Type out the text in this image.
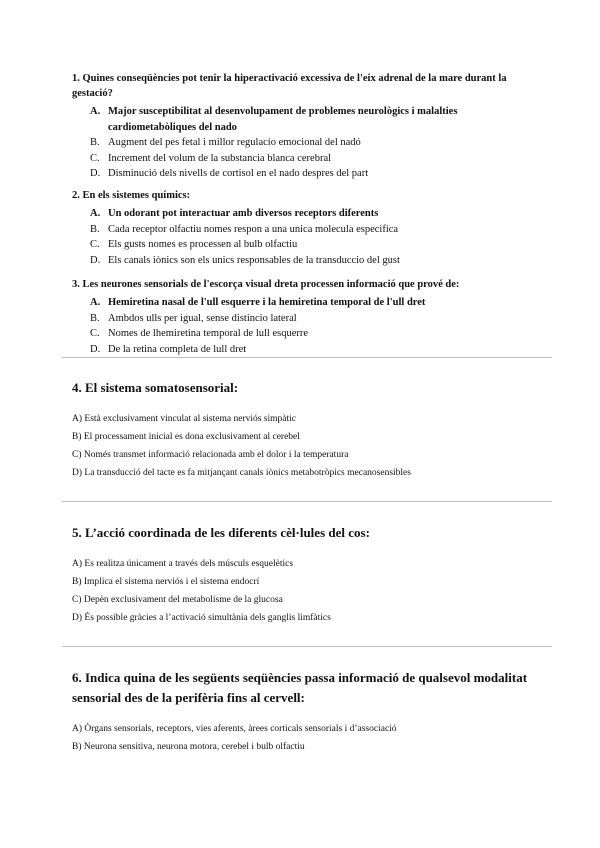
1. Quines conseqüències pot tenir la hiperactivació excessiva de l'eix adrenal de la mare durant la gestació?

A. Major susceptibilitat al desenvolupament de problemes neurològics i malalties cardiometabòliques del nado
B. Augment del pes fetal i millor regulacio emocional del nadó
C. Increment del volum de la substancia blanca cerebral
D. Disminució dels nivells de cortisol en el nado despres del part

2. En els sistemes químics:

A. Un odorant pot interactuar amb diversos receptors diferents
B. Cada receptor olfactiu nomes respon a una unica molecula especifica
C. Els gusts nomes es processen al bulb olfactiu
D. Els canals iònics son els unics responsables de la transduccio del gust

3. Les neurones sensorials de l'escorça visual dreta processen informació que prové de:

A. Hemiretina nasal de l'ull esquerre i la hemiretina temporal de l'ull dret
B. Ambdos ulls per igual, sense distincio lateral
C. Nomes de lhemiretina temporal de lull esquerre
D. De la retina completa de lull dret

4. El sistema somatosensorial:

A) Està exclusivament vinculat al sistema nerviós simpàtic
B) El processament inicial es dona exclusivament al cerebel
C) Només transmet informació relacionada amb el dolor i la temperatura
D) La transducció del tacte es fa mitjançant canals iònics metabotròpics mecanosensibles

5. L’acció coordinada de les diferents cèl·lules del cos:

A) Es realitza únicament a través dels músculs esquelètics
B) Implica el sistema nerviós i el sistema endocrí
C) Depèn exclusivament del metabolisme de la glucosa
D) És possible gràcies a l’activació simultània dels ganglis limfàtics

6. Indica quina de les següents seqüències passa informació de qualsevol modalitat sensorial des de la perifèria fins al cervell:

A) Òrgans sensorials, receptors, vies aferents, àrees corticals sensorials i d’associació
B) Neurona sensitiva, neurona motora, cerebel i bulb olfactiu
